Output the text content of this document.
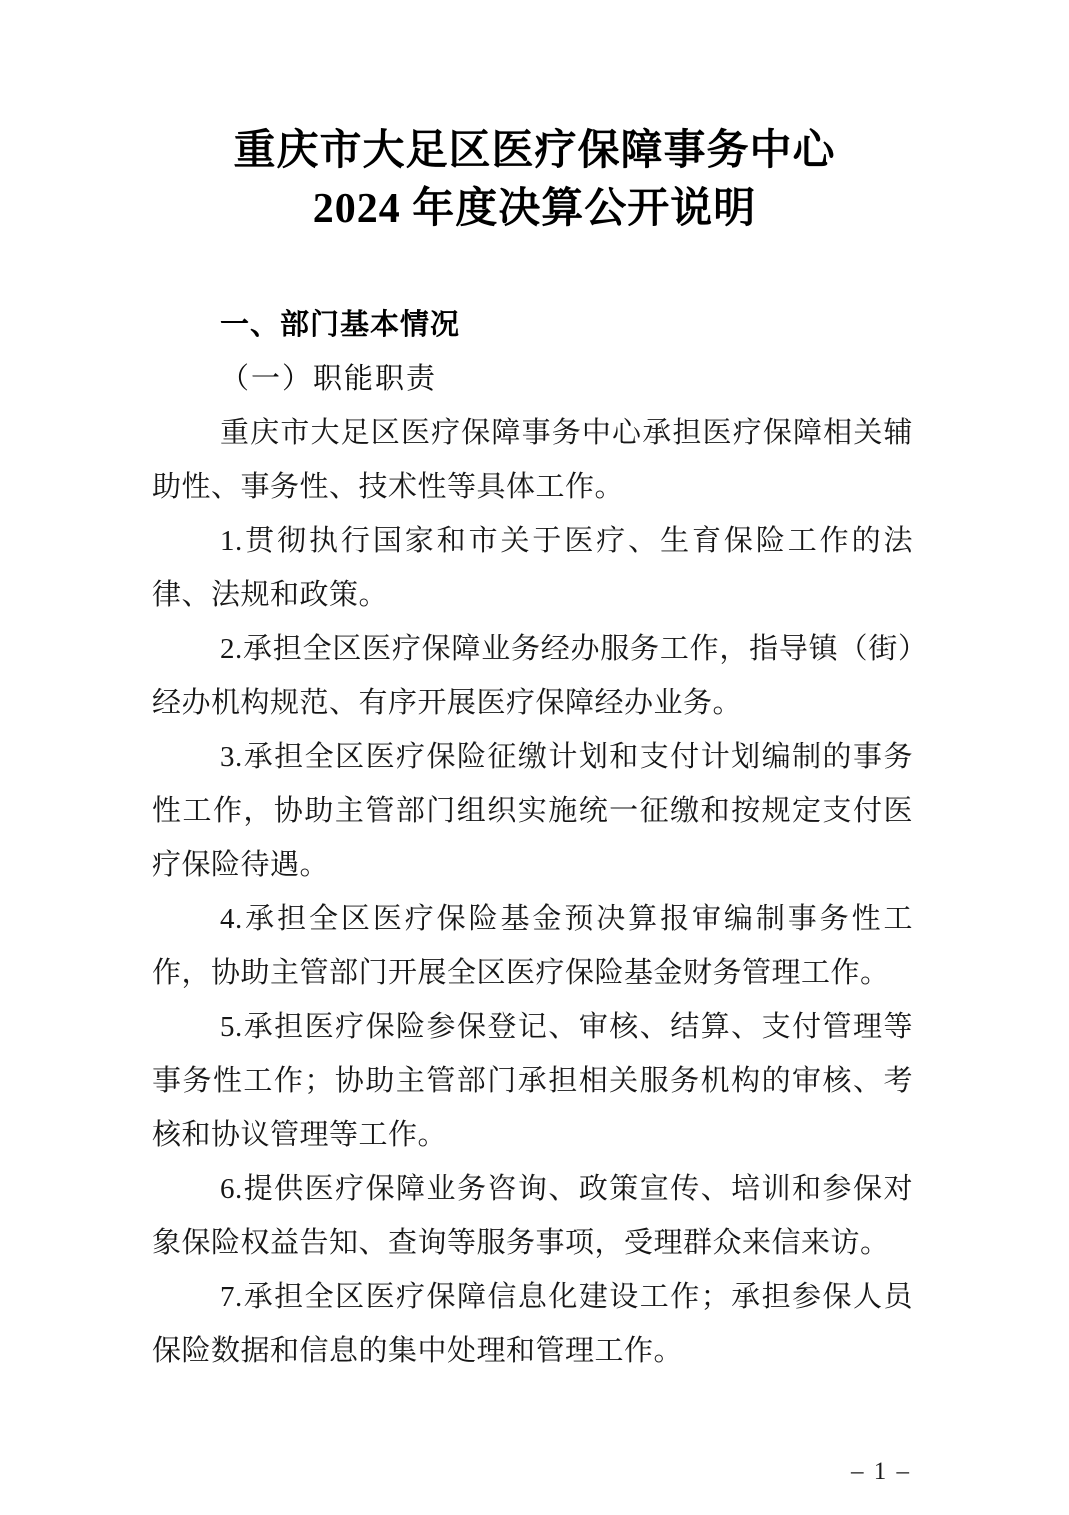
重庆市大足区医疗保障事务中心
2024 年度决算公开说明
一、部门基本情况
（一）职能职责

重庆市大足区医疗保障事务中心承担医疗保障相关辅助性、事务性、技术性等具体工作。

1.贯彻执行国家和市关于医疗、生育保险工作的法律、法规和政策。

2.承担全区医疗保障业务经办服务工作，指导镇（街）经办机构规范、有序开展医疗保障经办业务。

3.承担全区医疗保险征缴计划和支付计划编制的事务性工作，协助主管部门组织实施统一征缴和按规定支付医疗保险待遇。

4.承担全区医疗保险基金预决算报审编制事务性工作，协助主管部门开展全区医疗保险基金财务管理工作。

5.承担医疗保险参保登记、审核、结算、支付管理等事务性工作；协助主管部门承担相关服务机构的审核、考核和协议管理等工作。

6.提供医疗保障业务咨询、政策宣传、培训和参保对象保险权益告知、查询等服务事项，受理群众来信来访。

7.承担全区医疗保障信息化建设工作；承担参保人员保险数据和信息的集中处理和管理工作。

– 1 –
